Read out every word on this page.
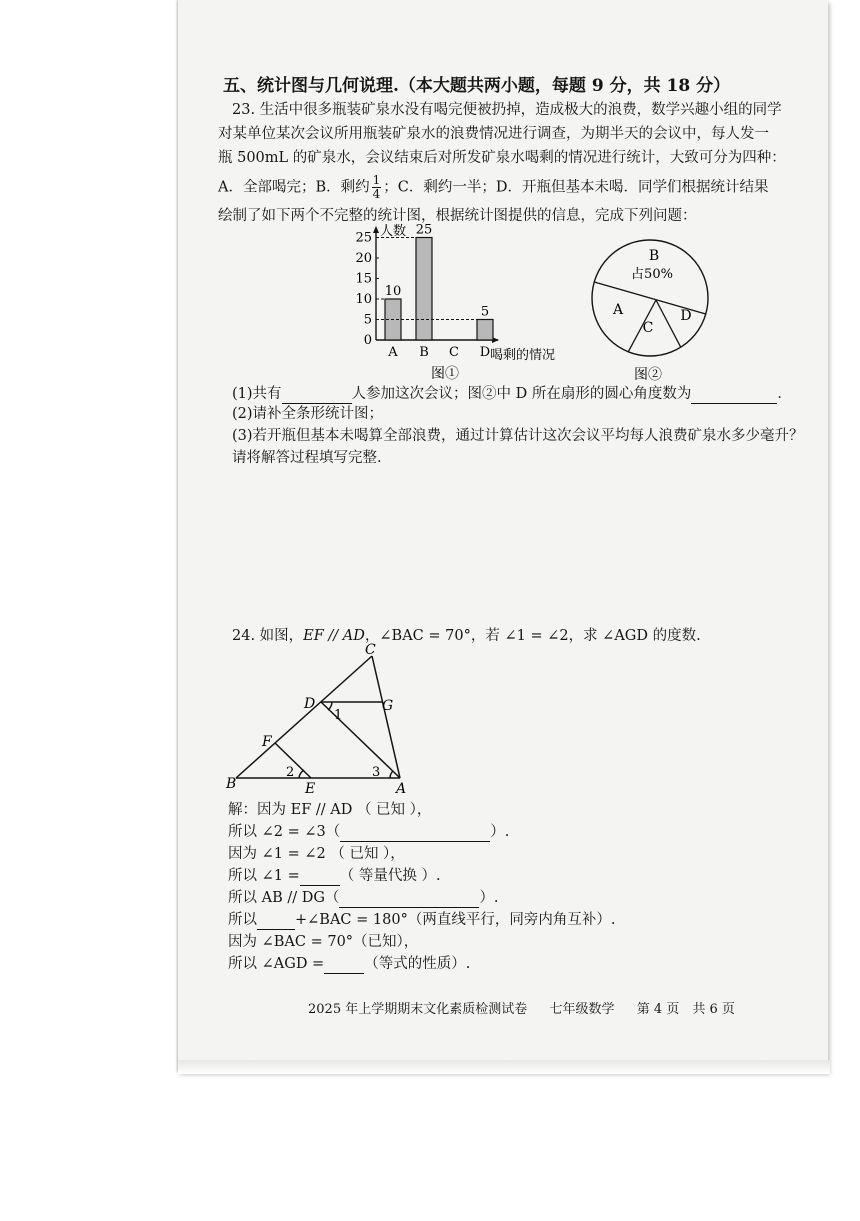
五、统计图与几何说理.（本大题共两小题，每题 9 分，共 18 分）
23. 生活中很多瓶装矿泉水没有喝完便被扔掉，造成极大的浪费，数学兴趣小组的同学
对某单位某次会议所用瓶装矿泉水的浪费情况进行调查，为期半天的会议中，每人发一
瓶 500mL 的矿泉水，会议结束后对所发矿泉水喝剩的情况进行统计，大致可分为四种：
A．全部喝完；B．剩约 $\frac{1}{4}$ ；C．剩约一半；D．开瓶但基本未喝．同学们根据统计结果
绘制了如下两个不完整的统计图，根据统计图提供的信息，完成下列问题：
0
5
10
15
20
25 人数
喝剩的情况
10
A
25
B C
5
D
图①
B
A
C
D
占50%
图②
(1)共有	人参加这次会议；图②中 D 所在扇形的圆心角度数为	．
(2)请补全条形统计图；
(3)若开瓶但基本未喝算全部浪费，通过计算估计这次会议平均每人浪费矿泉水多少毫升？
请将解答过程填写完整.
24. 如图，EF // AD，∠BAC = 70°，若 ∠1 = ∠2，求 ∠AGD 的度数.
C
D	G
1
F
2	3
B	E	A
解：因为 EF // AD （ 已知 ），
所以 ∠2 = ∠3（	）.
因为 ∠1 = ∠2 （ 已知 ），
所以 ∠1 =	（ 等量代换 ）.
所以 AB // DG（	）.
所以	+∠BAC = 180°（两直线平行，同旁内角互补）.
因为 ∠BAC = 70°（已知），
所以 ∠AGD =	（等式的性质）.
2025 年上学期期末文化素质检测试卷 七年级数学 第 4 页　共 6 页
